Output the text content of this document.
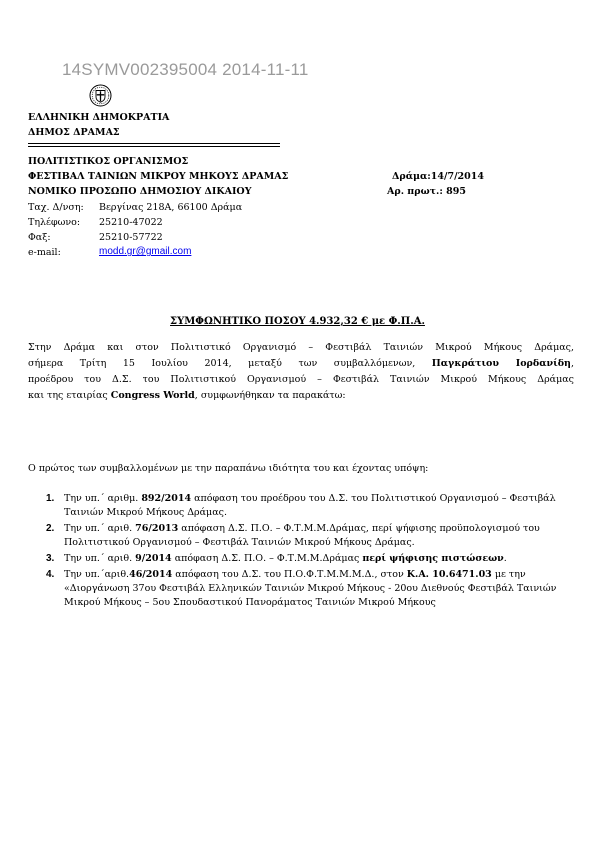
14SYMV002395004 2014-11-11
ΕΛΛΗΝΙΚΗ ΔΗΜΟΚΡΑΤΙΑ
ΔΗΜΟΣ ΔΡΑΜΑΣ
ΠΟΛΙΤΙΣΤΙΚΟΣ ΟΡΓΑΝΙΣΜΟΣ
ΦΕΣΤΙΒΑΛ ΤΑΙΝΙΩΝ ΜΙΚΡΟΥ ΜΗΚΟΥΣ ΔΡΑΜΑΣ
ΝΟΜΙΚΟ ΠΡΟΣΩΠΟ ΔΗΜΟΣΙΟΥ ΔΙΚΑΙΟΥ
Δράμα:14/7/2014
Αρ. πρωτ.: 895
Ταχ. Δ/νση: Βεργίνας 218Α, 66100 Δράμα
Τηλέφωνο: 25210-47022
Φαξ:	25210-57722
e-mail:	modd.gr@gmail.com
ΣΥΜΦΩΝΗΤΙΚΟ ΠΟΣΟΥ 4.932,32 € με Φ.Π.Α.
Στην Δράμα και στον Πολιτιστικό Οργανισμό – Φεστιβάλ Ταινιών Μικρού Μήκους Δράμας,
σήμερα Τρίτη 15 Ιουλίου 2014, μεταξύ των συμβαλλόμενων, Παγκράτιου Ιορδανίδη,
προέδρου του Δ.Σ. του Πολιτιστικού Οργανισμού – Φεστιβάλ Ταινιών Μικρού Μήκους Δράμας
και της εταιρίας Congress World, συμφωνήθηκαν τα παρακάτω:
Ο πρώτος των συμβαλλομένων με την παραπάνω ιδιότητα του και έχοντας υπόψη:
1. Την υπ.΄ αριθμ. 892/2014 απόφαση του προέδρου του Δ.Σ. του Πολιτιστικού Οργανισμού – Φεστιβάλ Ταινιών Μικρού Μήκους Δράμας.
2. Την υπ.΄ αριθ. 76/2013 απόφαση Δ.Σ. Π.Ο. – Φ.Τ.Μ.Μ.Δράμας, περί ψήφισης προϋπολογισμού του Πολιτιστικού Οργανισμού – Φεστιβάλ Ταινιών Μικρού Μήκους Δράμας.
3. Την υπ.΄ αριθ. 9/2014 απόφαση Δ.Σ. Π.Ο. – Φ.Τ.Μ.Μ.Δράμας περί ψήφισης πιστώσεων.
4. Την υπ.΄αριθ.46/2014 απόφαση του Δ.Σ. του Π.Ο.Φ.Τ.Μ.Μ.Μ.Δ., στον Κ.Α. 10.6471.03 με την «Διοργάνωση 37ου Φεστιβάλ Ελληνικών Ταινιών Μικρού Μήκους - 20ου Διεθνούς Φεστιβάλ Ταινιών Μικρού Μήκους – 5ου Σπουδαστικού Πανοράματος Ταινιών Μικρού Μήκους
